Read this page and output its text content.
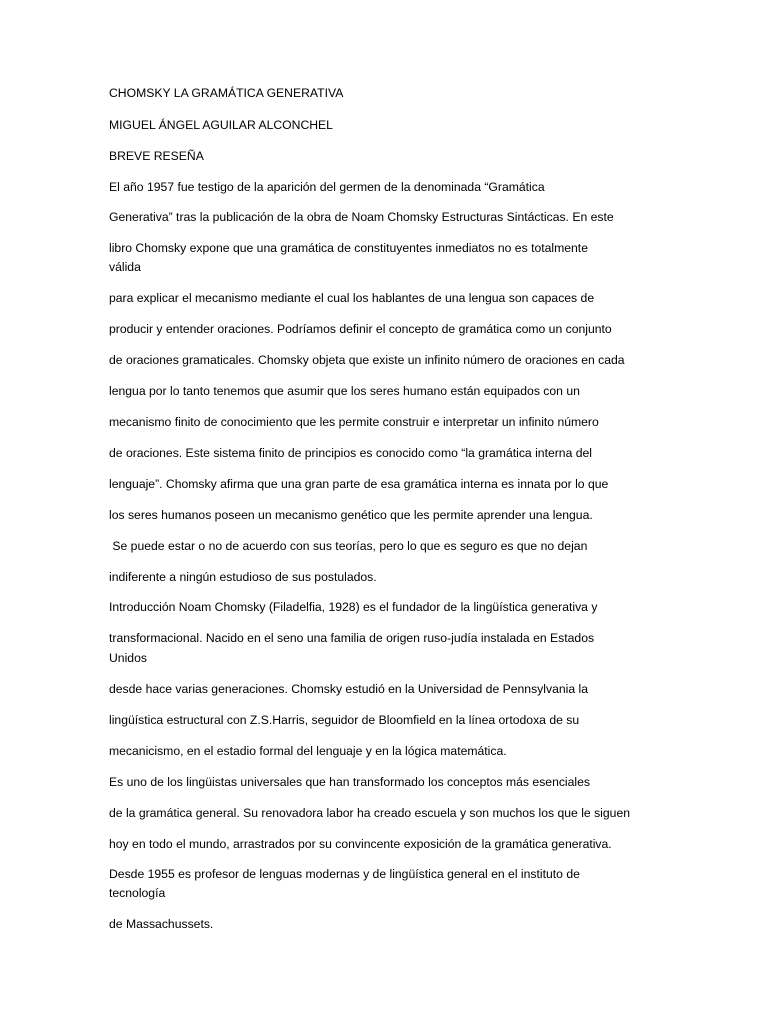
CHOMSKY LA GRAMÁTICA GENERATIVA

MIGUEL ÁNGEL AGUILAR ALCONCHEL

BREVE RESEÑA

El año 1957 fue testigo de la aparición del germen de la denominada “Gramática

Generativa” tras la publicación de la obra de Noam Chomsky Estructuras Sintácticas. En este

libro Chomsky expone que una gramática de constituyentes inmediatos no es totalmente

válida

para explicar el mecanismo mediante el cual los hablantes de una lengua son capaces de

producir y entender oraciones. Podríamos definir el concepto de gramática como un conjunto

de oraciones gramaticales. Chomsky objeta que existe un infinito número de oraciones en cada

lengua por lo tanto tenemos que asumir que los seres humano están equipados con un

mecanismo finito de conocimiento que les permite construir e interpretar un infinito número

de oraciones. Este sistema finito de principios es conocido como “la gramática interna del

lenguaje”. Chomsky afirma que una gran parte de esa gramática interna es innata por lo que

los seres humanos poseen un mecanismo genético que les permite aprender una lengua.

Se puede estar o no de acuerdo con sus teorías, pero lo que es seguro es que no dejan

indiferente a ningún estudioso de sus postulados.

Introducción Noam Chomsky (Filadelfia, 1928) es el fundador de la lingüística generativa y

transformacional. Nacido en el seno una familia de origen ruso-judía instalada en Estados

Unidos

desde hace varias generaciones. Chomsky estudió en la Universidad de Pennsylvania la

lingüística estructural con Z.S.Harris, seguidor de Bloomfield en la línea ortodoxa de su

mecanicismo, en el estadio formal del lenguaje y en la lógica matemática.

Es uno de los lingüistas universales que han transformado los conceptos más esenciales

de la gramática general. Su renovadora labor ha creado escuela y son muchos los que le siguen

hoy en todo el mundo, arrastrados por su convincente exposición de la gramática generativa.

Desde 1955 es profesor de lenguas modernas y de lingüística general en el instituto de

tecnología

de Massachussets.
